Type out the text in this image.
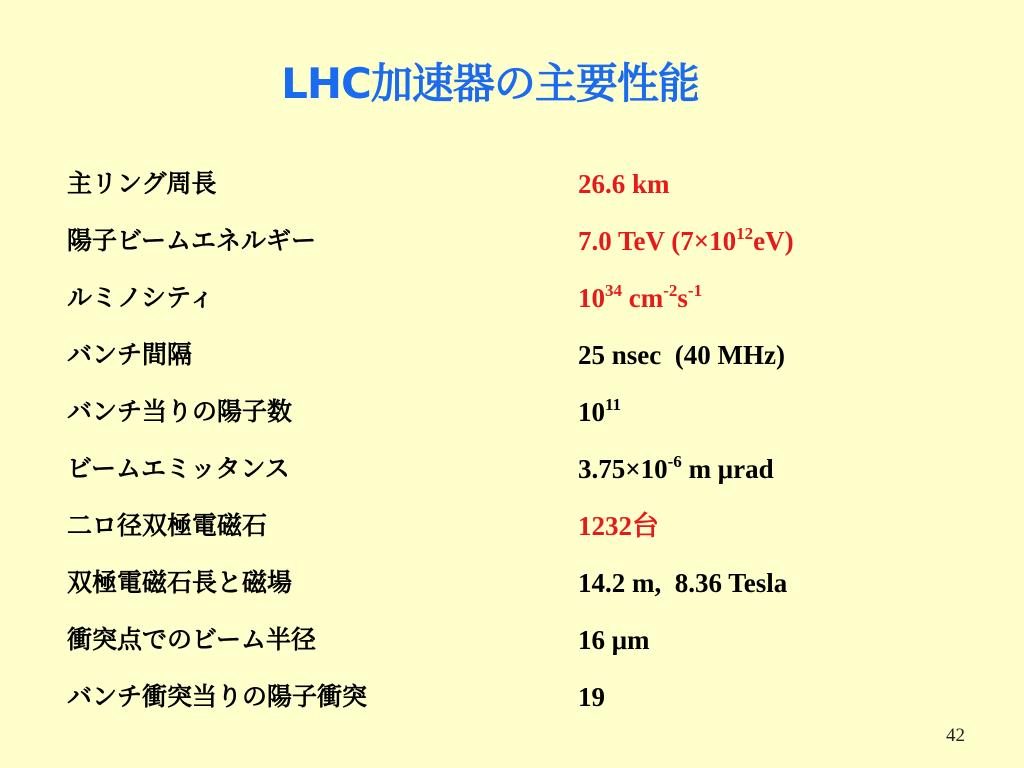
LHC加速器の主要性能
主リング周長	26.6 km
陽子ビームエネルギー	7.0 TeV $(7\times 10^{12}eV)$
ルミノシティ	$10^{34}$ $cm^{-2}s^{-1}$
バンチ間隔	25 nsec  (40 MHz)
バンチ当りの陽子数	$10^{11}$
ビームエミッタンス	$3.75\times 10^{-6}$ m μrad
二ロ径双極電磁石	1232台
双極電磁石長と磁場	14.2 m,  8.36 Tesla
衝突点でのビーム半径	16 μm
バンチ衝突当りの陽子衝突	19
42
